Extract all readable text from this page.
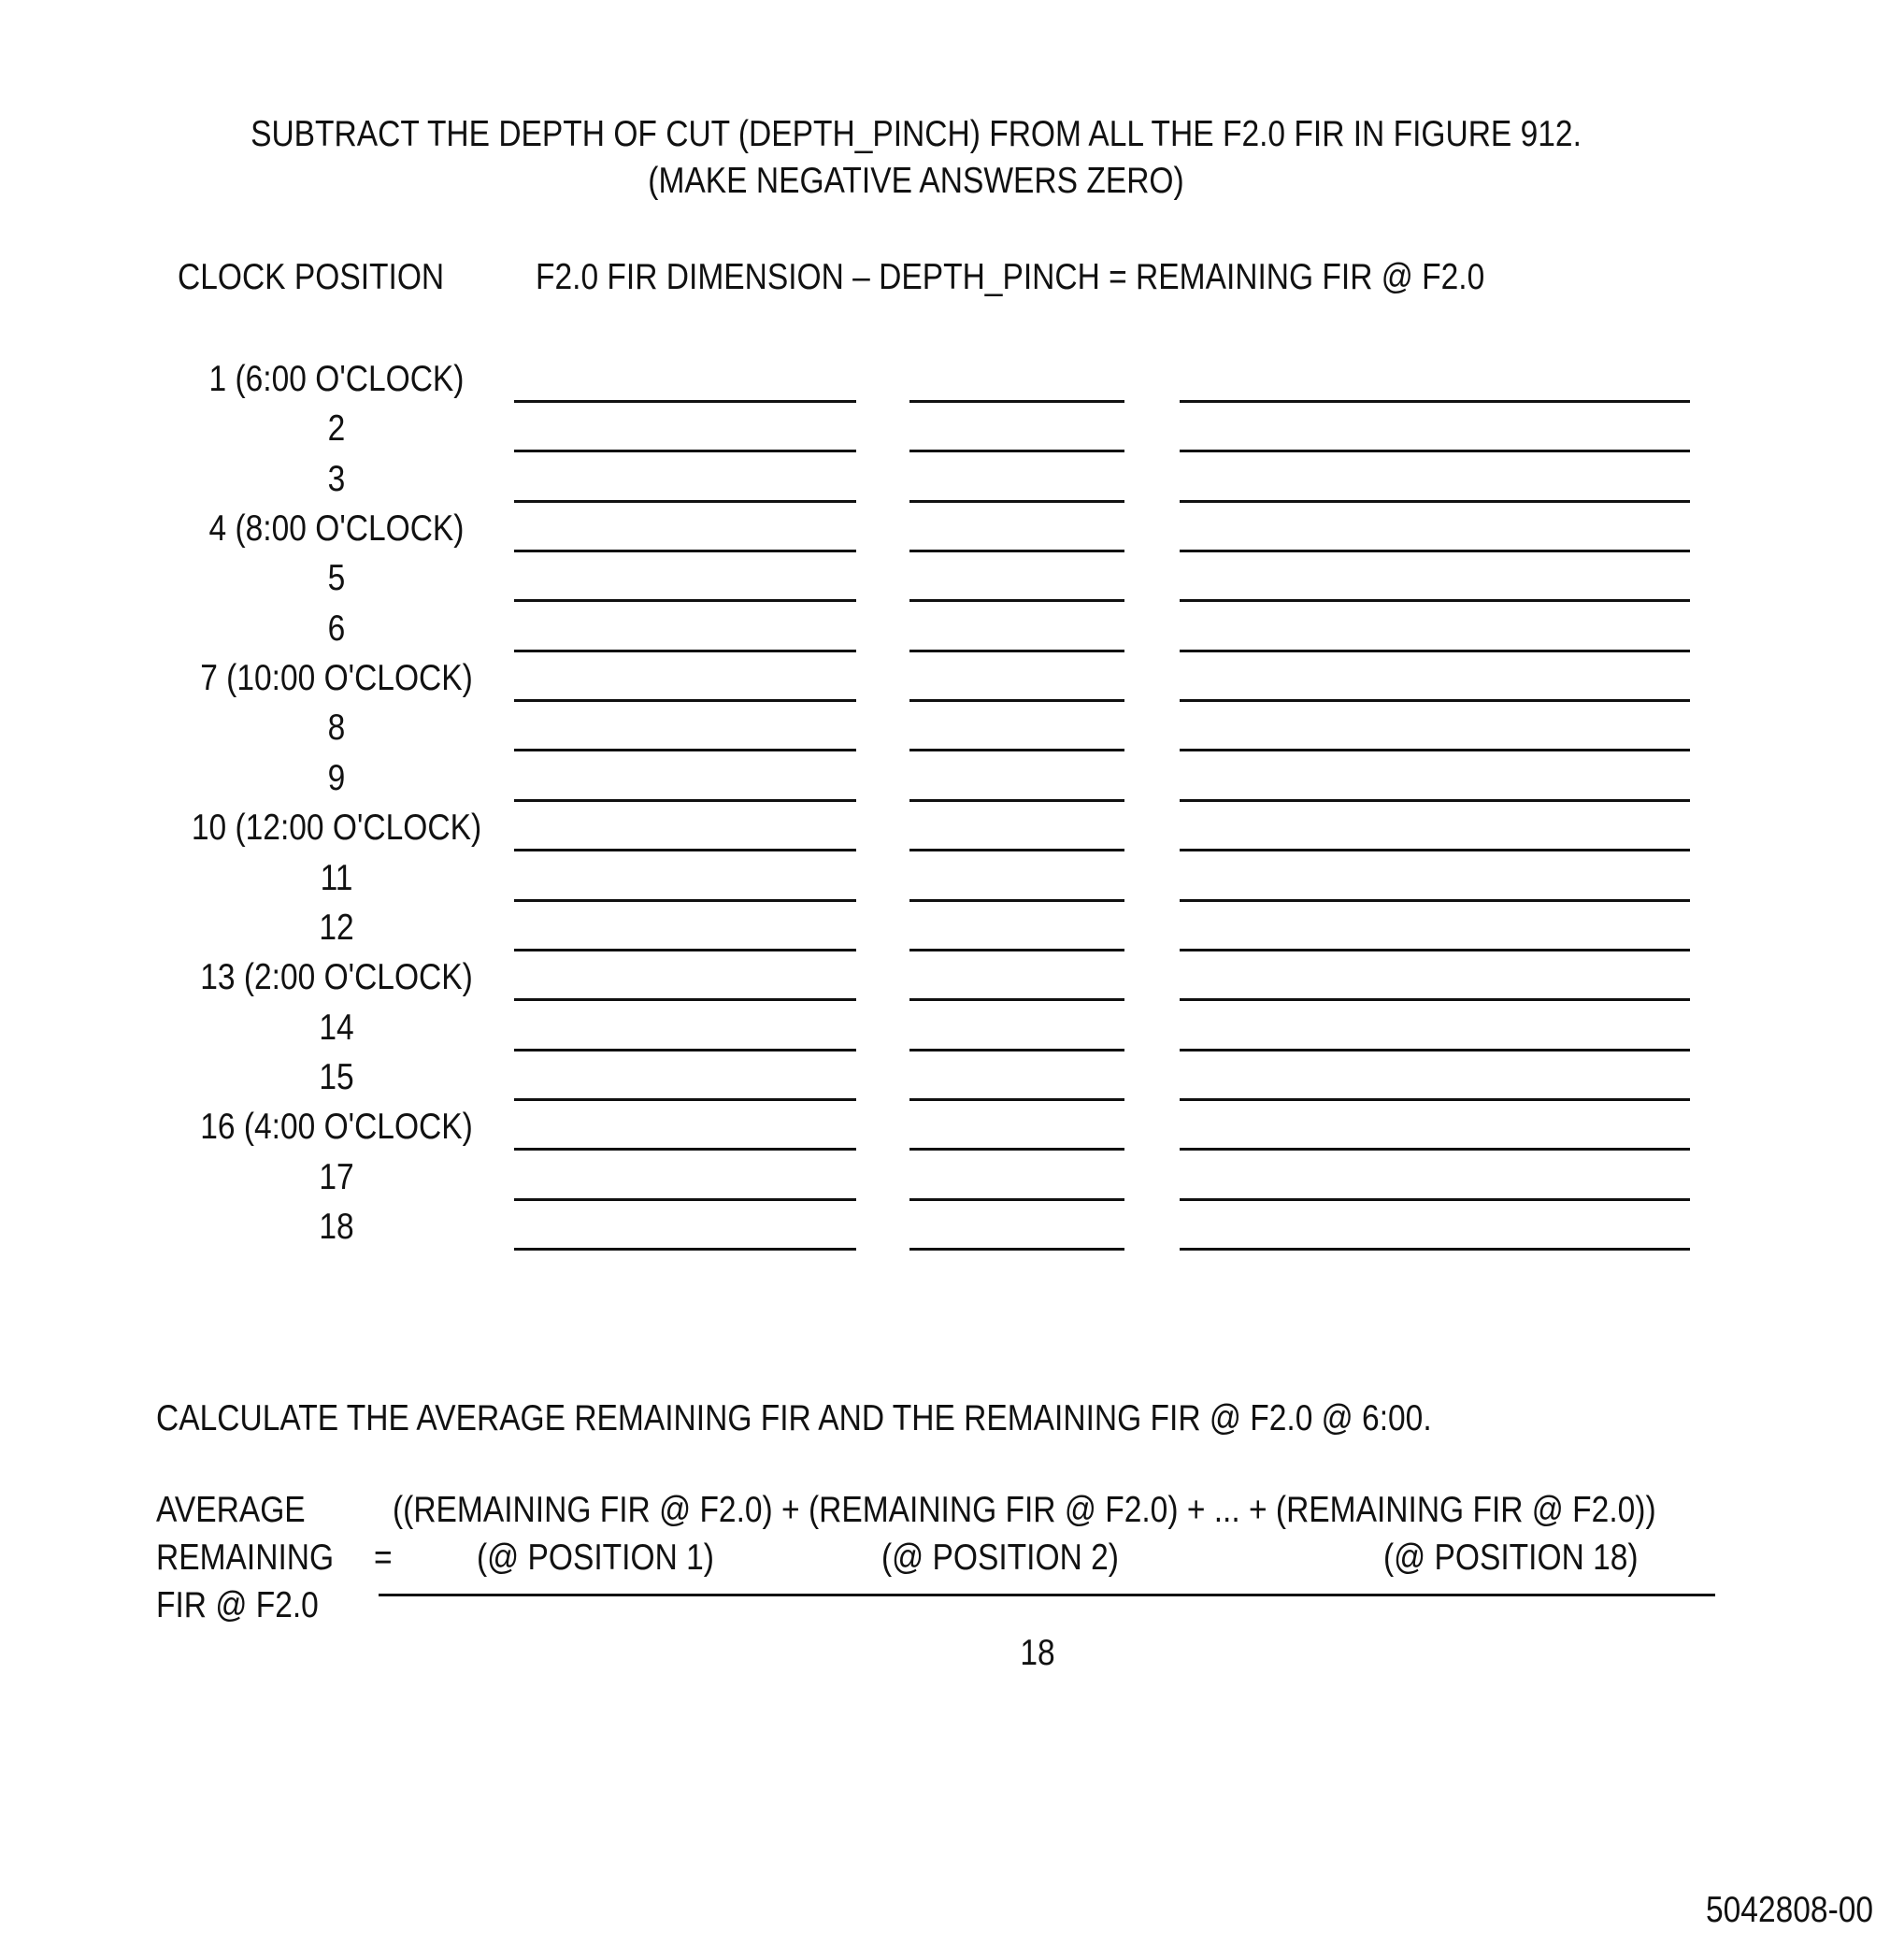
SUBTRACT THE DEPTH OF CUT (DEPTH_PINCH) FROM ALL THE F2.0 FIR IN FIGURE 912.
(MAKE NEGATIVE ANSWERS ZERO)
CLOCK POSITION	F2.0 FIR DIMENSION – DEPTH_PINCH = REMAINING FIR @ F2.0
1 (6:00 O'CLOCK)
2
3
4 (8:00 O'CLOCK)
5
6
7 (10:00 O'CLOCK)
8
9
10 (12:00 O'CLOCK)
11
12
13 (2:00 O'CLOCK)
14
15
16 (4:00 O'CLOCK)
17
18
CALCULATE THE AVERAGE REMAINING FIR AND THE REMAINING FIR @ F2.0 @ 6:00.
AVERAGE
REMAINING
FIR @ F2.0
=
((REMAINING FIR @ F2.0) + (REMAINING FIR @ F2.0) + ... + (REMAINING FIR @ F2.0))
(@ POSITION 1)	(@ POSITION 2)	(@ POSITION 18)
18
5042808-00
